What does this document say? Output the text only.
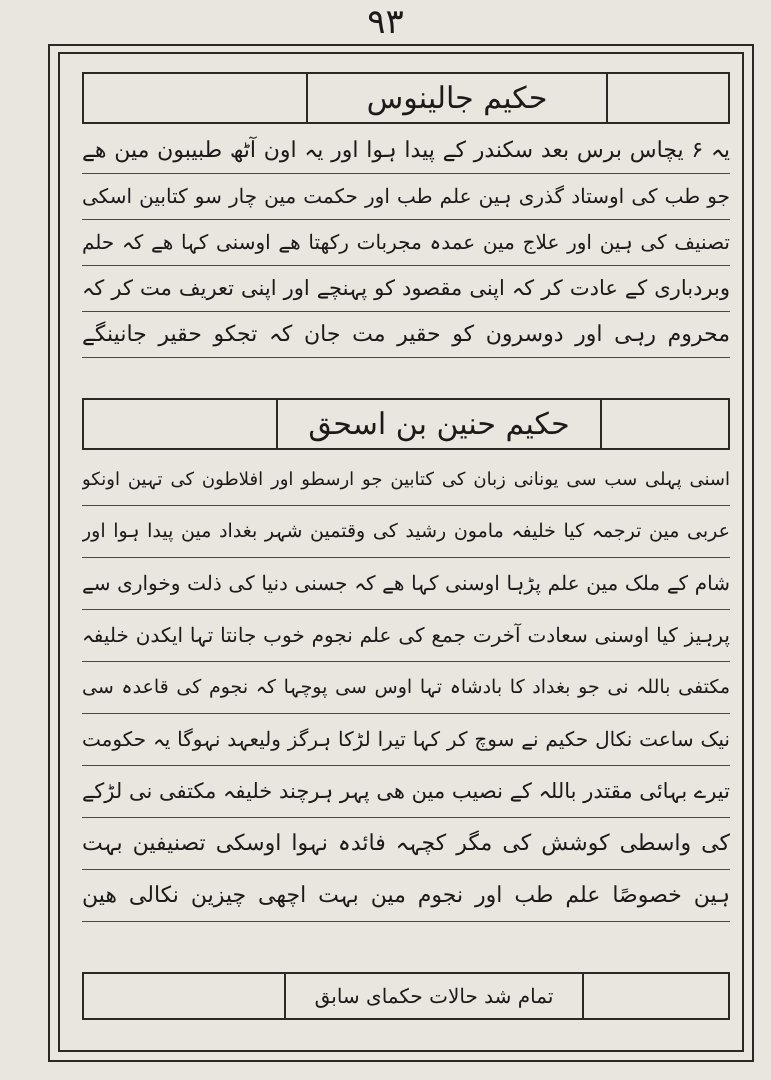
۹۳
حکیم جالینوس
یہ ۶ یچاس برس بعد سکندر کے پیدا ہوا اور یہ اون آٹھ طبیبون مین ھے
جو طب کی اوستاد گذری ہین علم طب اور حکمت مین چار سو کتابین اسکی
تصنیف کی ہین اور علاج مین عمدہ مجربات رکھتا ھے اوسنی کہا ھے کہ حلم
وبردباری کے عادت کر کہ اپنی مقصود کو پہنچے اور اپنی تعریف مت کر کہ
محروم رہی اور دوسرون کو حقیر مت جان کہ تجکو حقیر جانینگے
حکیم حنین بن اسحق
اسنی پہلی سب سی یونانی زبان کی کتابین جو ارسطو اور افلاطون کی تہین اونکو
عربی مین ترجمہ کیا خلیفہ مامون رشید کی وقتمین شہر بغداد مین پیدا ہوا اور
شام کے ملک مین علم پڑہا اوسنی کہا ھے کہ جسنی دنیا کی ذلت وخواری سے
پرہیز کیا اوسنی سعادت آخرت جمع کی علم نجوم خوب جانتا تہا ایکدن خلیفہ
مکتفی باللہ نی جو بغداد کا بادشاہ تہا اوس سی پوچہا کہ نجوم کی قاعدہ سی
نیک ساعت نکال حکیم نے سوچ کر کہا تیرا لڑکا ہرگز ولیعہد نہوگا یہ حکومت
تیرے بہائی مقتدر باللہ کے نصیب مین ھی پہر ہرچند خلیفہ مکتفی نی لڑکے
کی واسطی کوشش کی مگر کچہہ فائدہ نہوا اوسکی تصنیفین بہت
ہین خصوصًا علم طب اور نجوم مین بہت اچھی چیزین نکالی ھین
تمام شد حالات حکمای سابق
